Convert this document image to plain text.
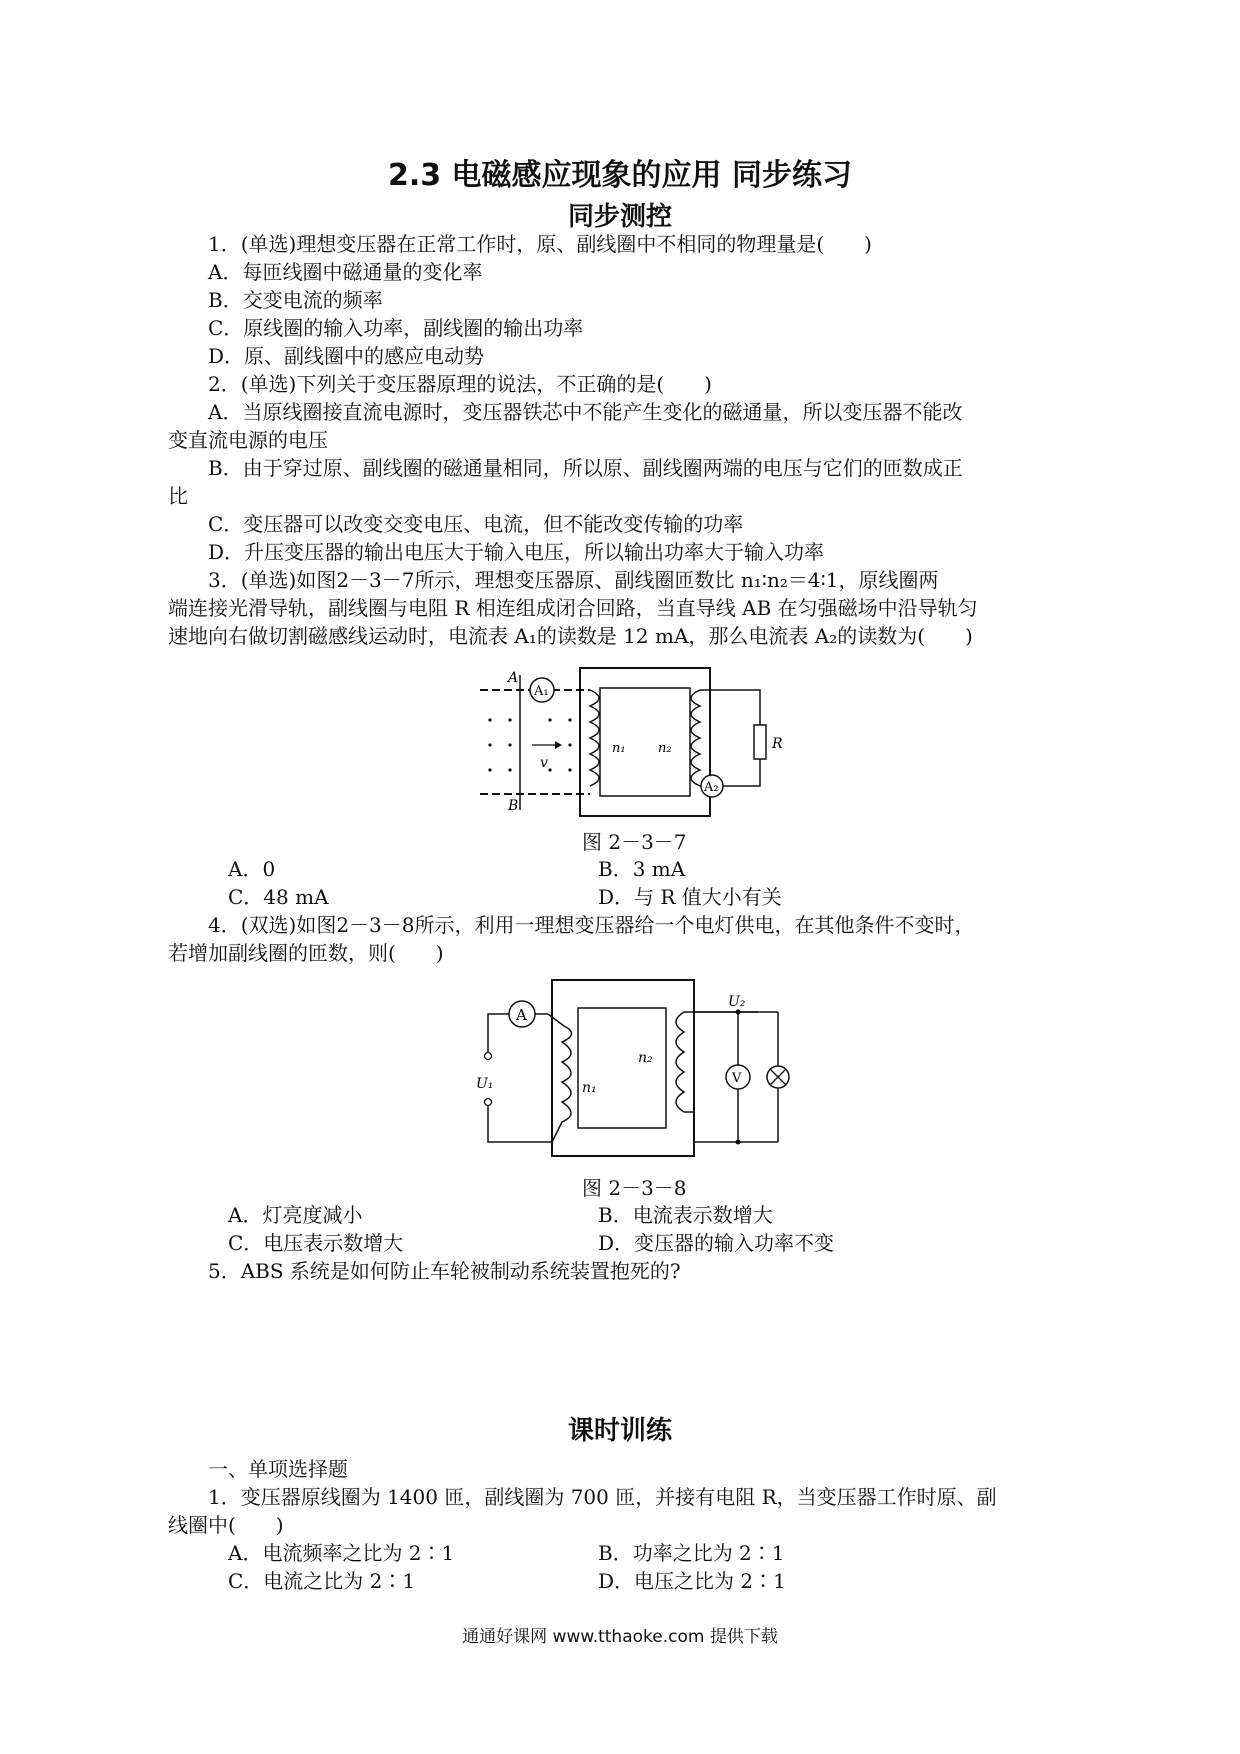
2.3 电磁感应现象的应用 同步练习
同步测控
1．(单选)理想变压器在正常工作时，原、副线圈中不相同的物理量是(　　)
A．每匝线圈中磁通量的变化率
B．交变电流的频率
C．原线圈的输入功率，副线圈的输出功率
D．原、副线圈中的感应电动势
2．(单选)下列关于变压器原理的说法，不正确的是(　　)
A．当原线圈接直流电源时，变压器铁芯中不能产生变化的磁通量，所以变压器不能改
变直流电源的电压
B．由于穿过原、副线圈的磁通量相同，所以原、副线圈两端的电压与它们的匝数成正
比
C．变压器可以改变交变电压、电流，但不能改变传输的功率
D．升压变压器的输出电压大于输入电压，所以输出功率大于输入功率
3．(单选)如图2－3－7所示，理想变压器原、副线圈匝数比 n₁∶n₂＝4∶1，原线圈两
端连接光滑导轨，副线圈与电阻 R 相连组成闭合回路，当直导线 AB 在匀强磁场中沿导轨匀
速地向右做切割磁感线运动时，电流表 A₁的读数是 12 mA，那么电流表 A₂的读数为(　　)
v
A
B
A₁
n₁ n₂	R
A₂
图 2－3－7
A．0	B．3 mA
C．48 mA	D．与 R 值大小有关
4．(双选)如图2－3－8所示，利用一理想变压器给一个电灯供电，在其他条件不变时，
若增加副线圈的匝数，则(　　)
A
U₁	n₁
n₂
U₂
V
图 2－3－8
A．灯亮度减小	B．电流表示数增大
C．电压表示数增大	D．变压器的输入功率不变
5．ABS 系统是如何防止车轮被制动系统装置抱死的?
课时训练
一、单项选择题
1．变压器原线圈为 1400 匝，副线圈为 700 匝，并接有电阻 R，当变压器工作时原、副
线圈中(　　)
A．电流频率之比为 2∶1	B．功率之比为 2∶1
C．电流之比为 2∶1	D．电压之比为 2∶1
通通好课网 www.tthaoke.com 提供下载
